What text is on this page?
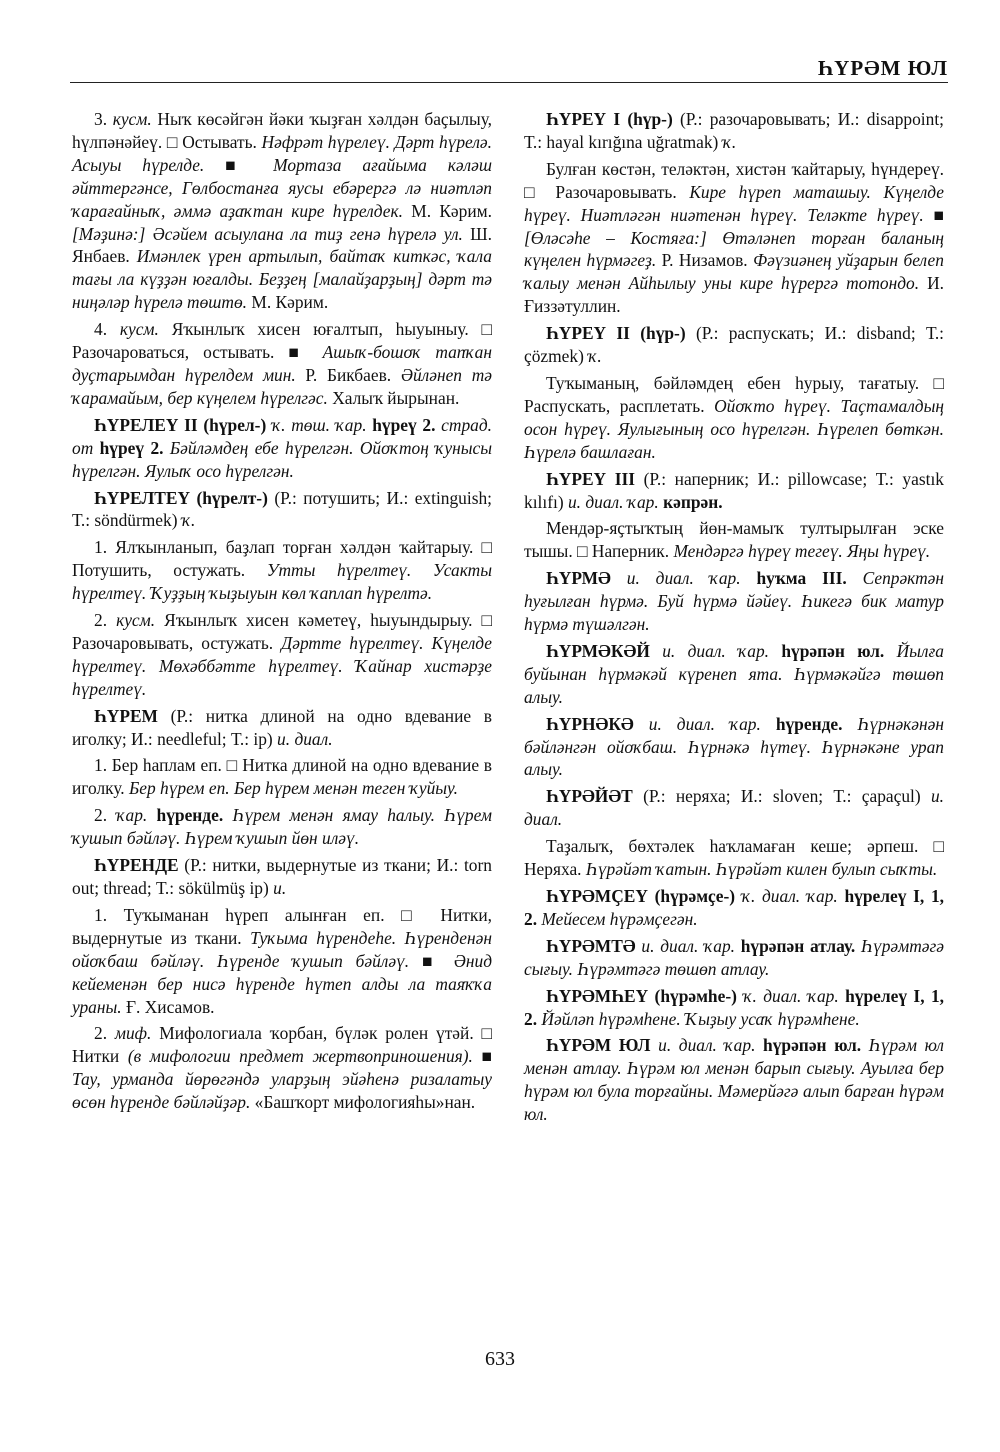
ҺҮРӘМ ЮЛ

3. кусм. Ныҡ көсәйгән йәки ҡыҙған хәлдән баҫылыу, һүлпәнәйеү. □ Остывать. Нәфрәт һүрелеү. Дәрт һүрелә. Асыуы һүрелде. ■ Мортаза ағайыма кәләш әйттергәнсе, Гөлбостанға яусы ебәрергә лә ниәтләп ҡарағайныҡ, әммә аҙаҡтан кире һүрелдек. М. Кәрим. [Мәҙинә:] Әсәйем асыулана ла тиҙ генә һүрелә ул. Ш. Янбаев. Имәнлек үрен артылып, байтаҡ киткәс, ҡала тағы ла күҙҙән юғалды. Беҙҙең [малайҙарҙың] дәрт тә ниңәләр һүрелә төштө. М. Кәрим.

4. кусм. Яҡынлыҡ хисен юғалтып, һыуыныу. □ Разочароваться, остывать. ■ Ашыҡ-бошоҡ тапҡан дуҫтарымдан һүрелдем мин. Р. Бикбаев. Әйләнеп тә ҡарамайым, бер күңелем һүрелгәс. Халыҡ йырынан.

ҺҮРЕЛЕҮ II (һүрел-) ҡ. төш. ҡар. һүреү 2. страд. от һүреү 2. Бәйләмдең ебе һүрелгән. Ойоҡтоң ҡунысы һүрелгән. Яулыҡ осо һүрелгән.

ҺҮРЕЛТЕҮ (һүрелт-) (Р.: потушить; И.: extinguish; Т.: söndürmek) ҡ.

1. Ялҡынланып, баҙлап торған хәлдән ҡайтарыу. □ Потушить, остужать. Утты һүрелтеү. Усакты һүрелтеү. Ҡуҙҙың ҡыҙыуын көл ҡаплап һүрелтә.

2. кусм. Яҡынлыҡ хисен кәметеү, һыуындырыу. □ Разочаровывать, остужать. Дәртте һүрелтеү. Күңелде һүрелтеү. Мөхәббәтте һүрелтеү. Ҡайнар хистәрҙе һүрелтеү.

ҺҮРЕМ (Р.: нитка длиной на одно вдевание в иголку; И.: needleful; Т.: ip) и. диал.

1. Бер һаплам еп. □ Нитка длиной на одно вдевание в иголку. Бер һүрем еп. Бер һүрем менән теген ҡуйыу.

2. ҡар. һүренде. Һүрем менән ямау һалыу. Һүрем ҡушып бәйләү. Һүрем ҡушып йөн иләү.

ҺҮРЕНДЕ (Р.: нитки, выдернутые из ткани; И.: torn out; thread; Т.: sökülmüş ip) и.

1. Туҡыманан һүреп алынған еп. □ Нитки, выдернутые из ткани. Туҡыма һүрендеһе. Һүренденән ойоҡбаш бәйләү. Һүренде ҡушып бәйләү. ■ Әнид кейеменән бер нисә һүренде һүтеп алды ла таяҡҡа ураны. Ғ. Хисамов.

2. миф. Мифологиала ҡорбан, бүләк ролен үтәй. □ Нитки (в мифологии предмет жертвоприношения). ■ Тау, урманда йөрөгәндә уларҙың эйәһенә ризалатыу өсөн һүренде бәйләйҙәр. «Башҡорт мифологияһы»нан.

ҺҮРЕҮ I (һүр-) (Р.: разочаровывать; И.: disappoint; Т.: hayal kırığına uğratmak) ҡ.

Булған көстән, теләктән, хистән ҡайтарыу, һүндереү. □ Разочаровывать. Кире һүреп маташыу. Күңелде һүреү. Ниәтләгән ниәтенән һүреү. Теләкте һүреү. ■ [Өләсәһе – Костяға:] Өтәләнеп торған баланың күңелен һүрмәгеҙ. Р. Низамов. Фәүзиәнең уйҙарын белеп ҡалыу менән Айһылыу уны кире һүрергә тотондо. И. Ғиззәтуллин.

ҺҮРЕҮ II (һүр-) (Р.: распускать; И.: disband; Т.: çözmek) ҡ.

Туҡыманың, бәйләмдең ебен һурыу, тағатыу. □ Распускать, расплетать. Ойоҡто һүреү. Таҫтамалдың осон һүреү. Яулығының осо һүрелгән. Һүрелеп бөткән. Һүрелә башлаған.

ҺҮРЕҮ III (Р.: наперник; И.: pillowcase; Т.: yastık kılıfı) и. диал. ҡар. кәпрән.

Мендәр-яҫтыҡтың йөн-мамыҡ тултырылған эске тышы. □ Наперник. Мендәргә һүреү тегеү. Яңы һүреү.

ҺҮРМӘ и. диал. ҡар. һуҡма III. Сепрәктән һуғылған һүрмә. Буй һүрмә йәйеү. Һикегә бик матур һүрмә түшәлгән.

ҺҮРМӘКӘЙ и. диал. ҡар. һүрәпән юл. Йылға буйынан һүрмәкәй күренеп ята. Һүрмәкәйгә төшөп алыу.

ҺҮРНӘКӘ и. диал. ҡар. һүренде. Һүрнәкәнән бәйләнгән ойоҡбаш. Һүрнәкә һүтеү. Һүрнәкәне урап алыу.

ҺҮРӘЙӘТ (Р.: неряха; И.: sloven; Т.: çapaçul) и. диал.

Таҙалыҡ, бөхтәлек һаҡламаған кеше; әрпеш. □ Неряха. Һүрәйәт ҡатын. Һүрәйәт килен булып сыҡты.

ҺҮРӘМҪЕҮ (һүрәмҫе-) ҡ. диал. ҡар. һүрелеү I, 1, 2. Мейесем һүрәмҫегән.

ҺҮРӘМТӘ и. диал. ҡар. һүрәпән атлау. Һүрәмтәгә сығыу. Һүрәмтәгә төшөп атлау.

ҺҮРӘМҺЕҮ (һүрәмһе-) ҡ. диал. ҡар. һүрелеү I, 1, 2. Йәйләп һүрәмһене. Ҡыҙыу усаҡ һүрәмһене.

ҺҮРӘМ ЮЛ и. диал. ҡар. һүрәпән юл. Һүрәм юл менән атлау. Һүрәм юл менән барып сығыу. Ауылға бер һүрәм юл була торғайны. Мәмерйәгә алып барған һүрәм юл.

633
